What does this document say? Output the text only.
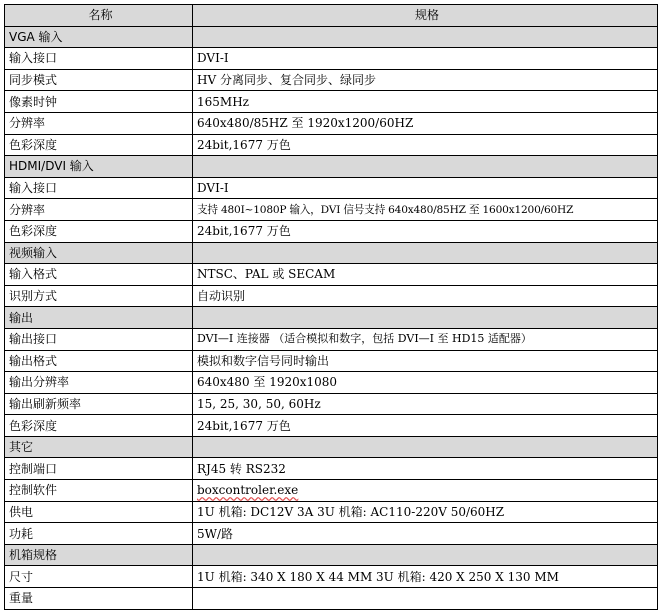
名称	规格
VGA 输入	
输入接口	DVI-I
同步模式	HV 分离同步、复合同步、绿同步
像素时钟	165MHz
分辨率	640x480/85HZ 至 1920x1200/60HZ
色彩深度	24bit,1677 万色
HDMI/DVI 输入	
输入接口	DVI-I
分辨率	支持 480I~1080P 输入，DVI 信号支持 640x480/85HZ 至 1600x1200/60HZ
色彩深度	24bit,1677 万色
视频输入	
输入格式	NTSC、PAL 或 SECAM
识别方式	自动识别
输出	
输出接口	DVI—I 连接器 （适合模拟和数字，包括 DVI—I 至 HD15 适配器）
输出格式	模拟和数字信号同时输出
输出分辨率	640x480 至 1920x1080
输出刷新频率	15, 25, 30, 50, 60Hz
色彩深度	24bit,1677 万色
其它	
控制端口	RJ45 转 RS232
控制软件	boxcontroler.exe
供电	1U 机箱: DC12V 3A 3U 机箱: AC110-220V 50/60HZ
功耗	5W/路
机箱规格	
尺寸	1U 机箱: 340 X 180 X 44 MM 3U 机箱: 420 X 250 X 130 MM
重量	
